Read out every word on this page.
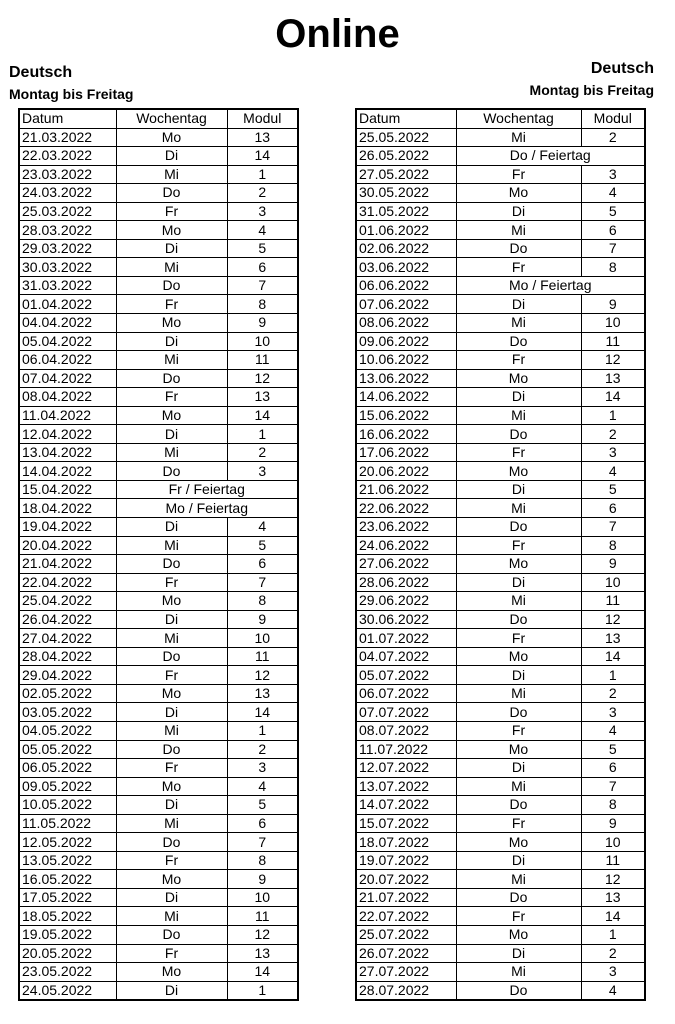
Online
Deutsch
Montag bis Freitag
Deutsch
Montag bis Freitag
Datum	Wochentag	Modul
21.03.2022	Mo	13
22.03.2022	Di	14
23.03.2022	Mi	1
24.03.2022	Do	2
25.03.2022	Fr	3
28.03.2022	Mo	4
29.03.2022	Di	5
30.03.2022	Mi	6
31.03.2022	Do	7
01.04.2022	Fr	8
04.04.2022	Mo	9
05.04.2022	Di	10
06.04.2022	Mi	11
07.04.2022	Do	12
08.04.2022	Fr	13
11.04.2022	Mo	14
12.04.2022	Di	1
13.04.2022	Mi	2
14.04.2022	Do	3
15.04.2022	Fr / Feiertag	
18.04.2022	Mo / Feiertag	
19.04.2022	Di	4
20.04.2022	Mi	5
21.04.2022	Do	6
22.04.2022	Fr	7
25.04.2022	Mo	8
26.04.2022	Di	9
27.04.2022	Mi	10
28.04.2022	Do	11
29.04.2022	Fr	12
02.05.2022	Mo	13
03.05.2022	Di	14
04.05.2022	Mi	1
05.05.2022	Do	2
06.05.2022	Fr	3
09.05.2022	Mo	4
10.05.2022	Di	5
11.05.2022	Mi	6
12.05.2022	Do	7
13.05.2022	Fr	8
16.05.2022	Mo	9
17.05.2022	Di	10
18.05.2022	Mi	11
19.05.2022	Do	12
20.05.2022	Fr	13
23.05.2022	Mo	14
24.05.2022	Di	1
Datum	Wochentag	Modul
25.05.2022	Mi	2
26.05.2022	Do / Feiertag	
27.05.2022	Fr	3
30.05.2022	Mo	4
31.05.2022	Di	5
01.06.2022	Mi	6
02.06.2022	Do	7
03.06.2022	Fr	8
06.06.2022	Mo / Feiertag	
07.06.2022	Di	9
08.06.2022	Mi	10
09.06.2022	Do	11
10.06.2022	Fr	12
13.06.2022	Mo	13
14.06.2022	Di	14
15.06.2022	Mi	1
16.06.2022	Do	2
17.06.2022	Fr	3
20.06.2022	Mo	4
21.06.2022	Di	5
22.06.2022	Mi	6
23.06.2022	Do	7
24.06.2022	Fr	8
27.06.2022	Mo	9
28.06.2022	Di	10
29.06.2022	Mi	11
30.06.2022	Do	12
01.07.2022	Fr	13
04.07.2022	Mo	14
05.07.2022	Di	1
06.07.2022	Mi	2
07.07.2022	Do	3
08.07.2022	Fr	4
11.07.2022	Mo	5
12.07.2022	Di	6
13.07.2022	Mi	7
14.07.2022	Do	8
15.07.2022	Fr	9
18.07.2022	Mo	10
19.07.2022	Di	11
20.07.2022	Mi	12
21.07.2022	Do	13
22.07.2022	Fr	14
25.07.2022	Mo	1
26.07.2022	Di	2
27.07.2022	Mi	3
28.07.2022	Do	4
